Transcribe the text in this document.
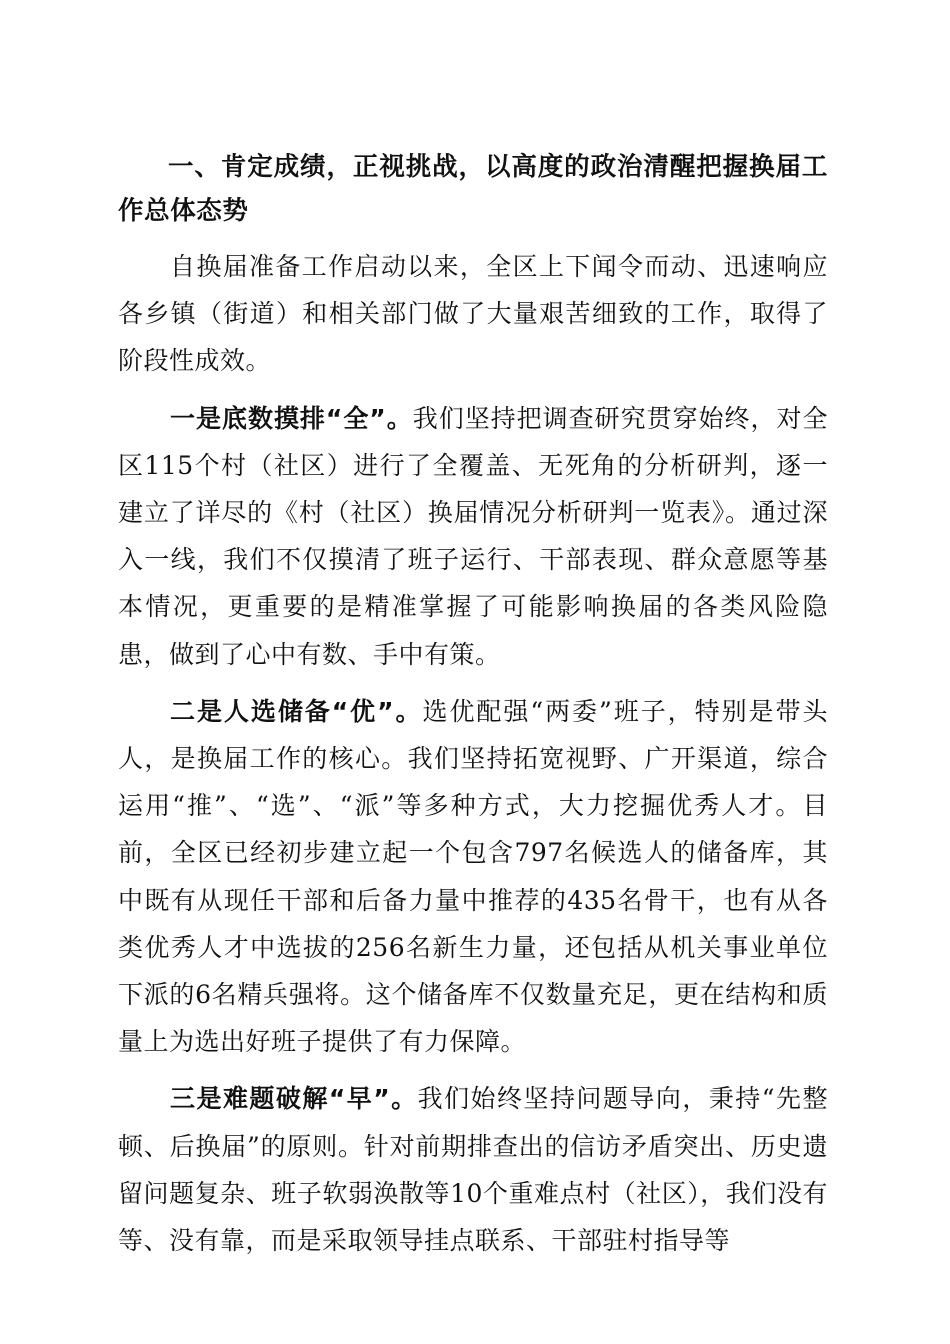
一、肯定成绩，正视挑战，以高度的政治清醒把握换届工作总体态势

自换届准备工作启动以来，全区上下闻令而动、迅速响应各乡镇（街道）和相关部门做了大量艰苦细致的工作，取得了阶段性成效。

一是底数摸排“全”。我们坚持把调查研究贯穿始终，对全区115个村（社区）进行了全覆盖、无死角的分析研判，逐一建立了详尽的《村（社区）换届情况分析研判一览表》。通过深入一线，我们不仅摸清了班子运行、干部表现、群众意愿等基本情况，更重要的是精准掌握了可能影响换届的各类风险隐患，做到了心中有数、手中有策。

二是人选储备“优”。选优配强“两委”班子，特别是带头人，是换届工作的核心。我们坚持拓宽视野、广开渠道，综合运用“推”、“选”、“派”等多种方式，大力挖掘优秀人才。目前，全区已经初步建立起一个包含797名候选人的储备库，其中既有从现任干部和后备力量中推荐的435名骨干，也有从各类优秀人才中选拔的256名新生力量，还包括从机关事业单位下派的6名精兵强将。这个储备库不仅数量充足，更在结构和质量上为选出好班子提供了有力保障。

三是难题破解“早”。我们始终坚持问题导向，秉持“先整顿、后换届”的原则。针对前期排查出的信访矛盾突出、历史遗留问题复杂、班子软弱涣散等10个重难点村（社区），我们没有等、没有靠，而是采取领导挂点联系、干部驻村指导等
